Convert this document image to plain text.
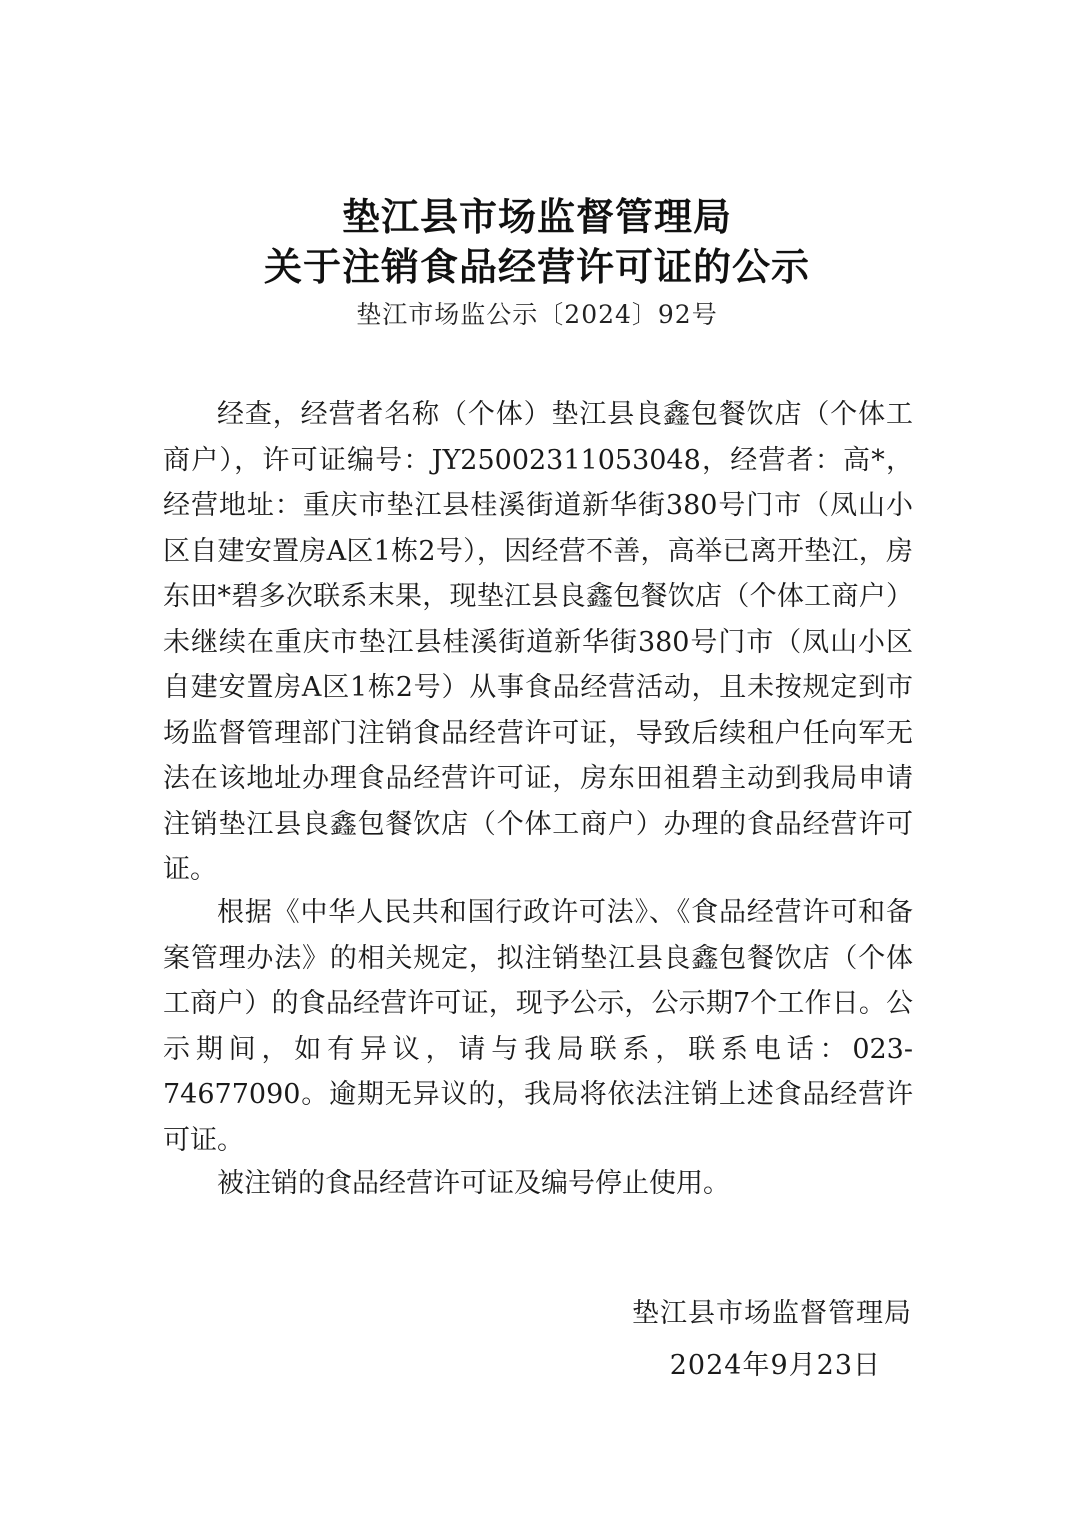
垫江县市场监督管理局
关于注销食品经营许可证的公示
垫江市场监公示〔2024〕92号

经查，经营者名称（个体）垫江县良鑫包餐饮店（个体工商户），许可证编号：JY25002311053048，经营者：高*，经营地址：重庆市垫江县桂溪街道新华街380号门市（凤山小区自建安置房A区1栋2号），因经营不善，高举已离开垫江，房东田*碧多次联系末果，现垫江县良鑫包餐饮店（个体工商户）未继续在重庆市垫江县桂溪街道新华街380号门市（凤山小区自建安置房A区1栋2号）从事食品经营活动，且未按规定到市场监督管理部门注销食品经营许可证，导致后续租户任向军无法在该地址办理食品经营许可证，房东田祖碧主动到我局申请注销垫江县良鑫包餐饮店（个体工商户）办理的食品经营许可证。

根据《中华人民共和国行政许可法》、《食品经营许可和备案管理办法》的相关规定，拟注销垫江县良鑫包餐饮店（个体工商户）的食品经营许可证，现予公示，公示期7个工作日。公示期间，如有异议，请与我局联系，联系电话：023-74677090。逾期无异议的，我局将依法注销上述食品经营许可证。

被注销的食品经营许可证及编号停止使用。

垫江县市场监督管理局
2024年9月23日
